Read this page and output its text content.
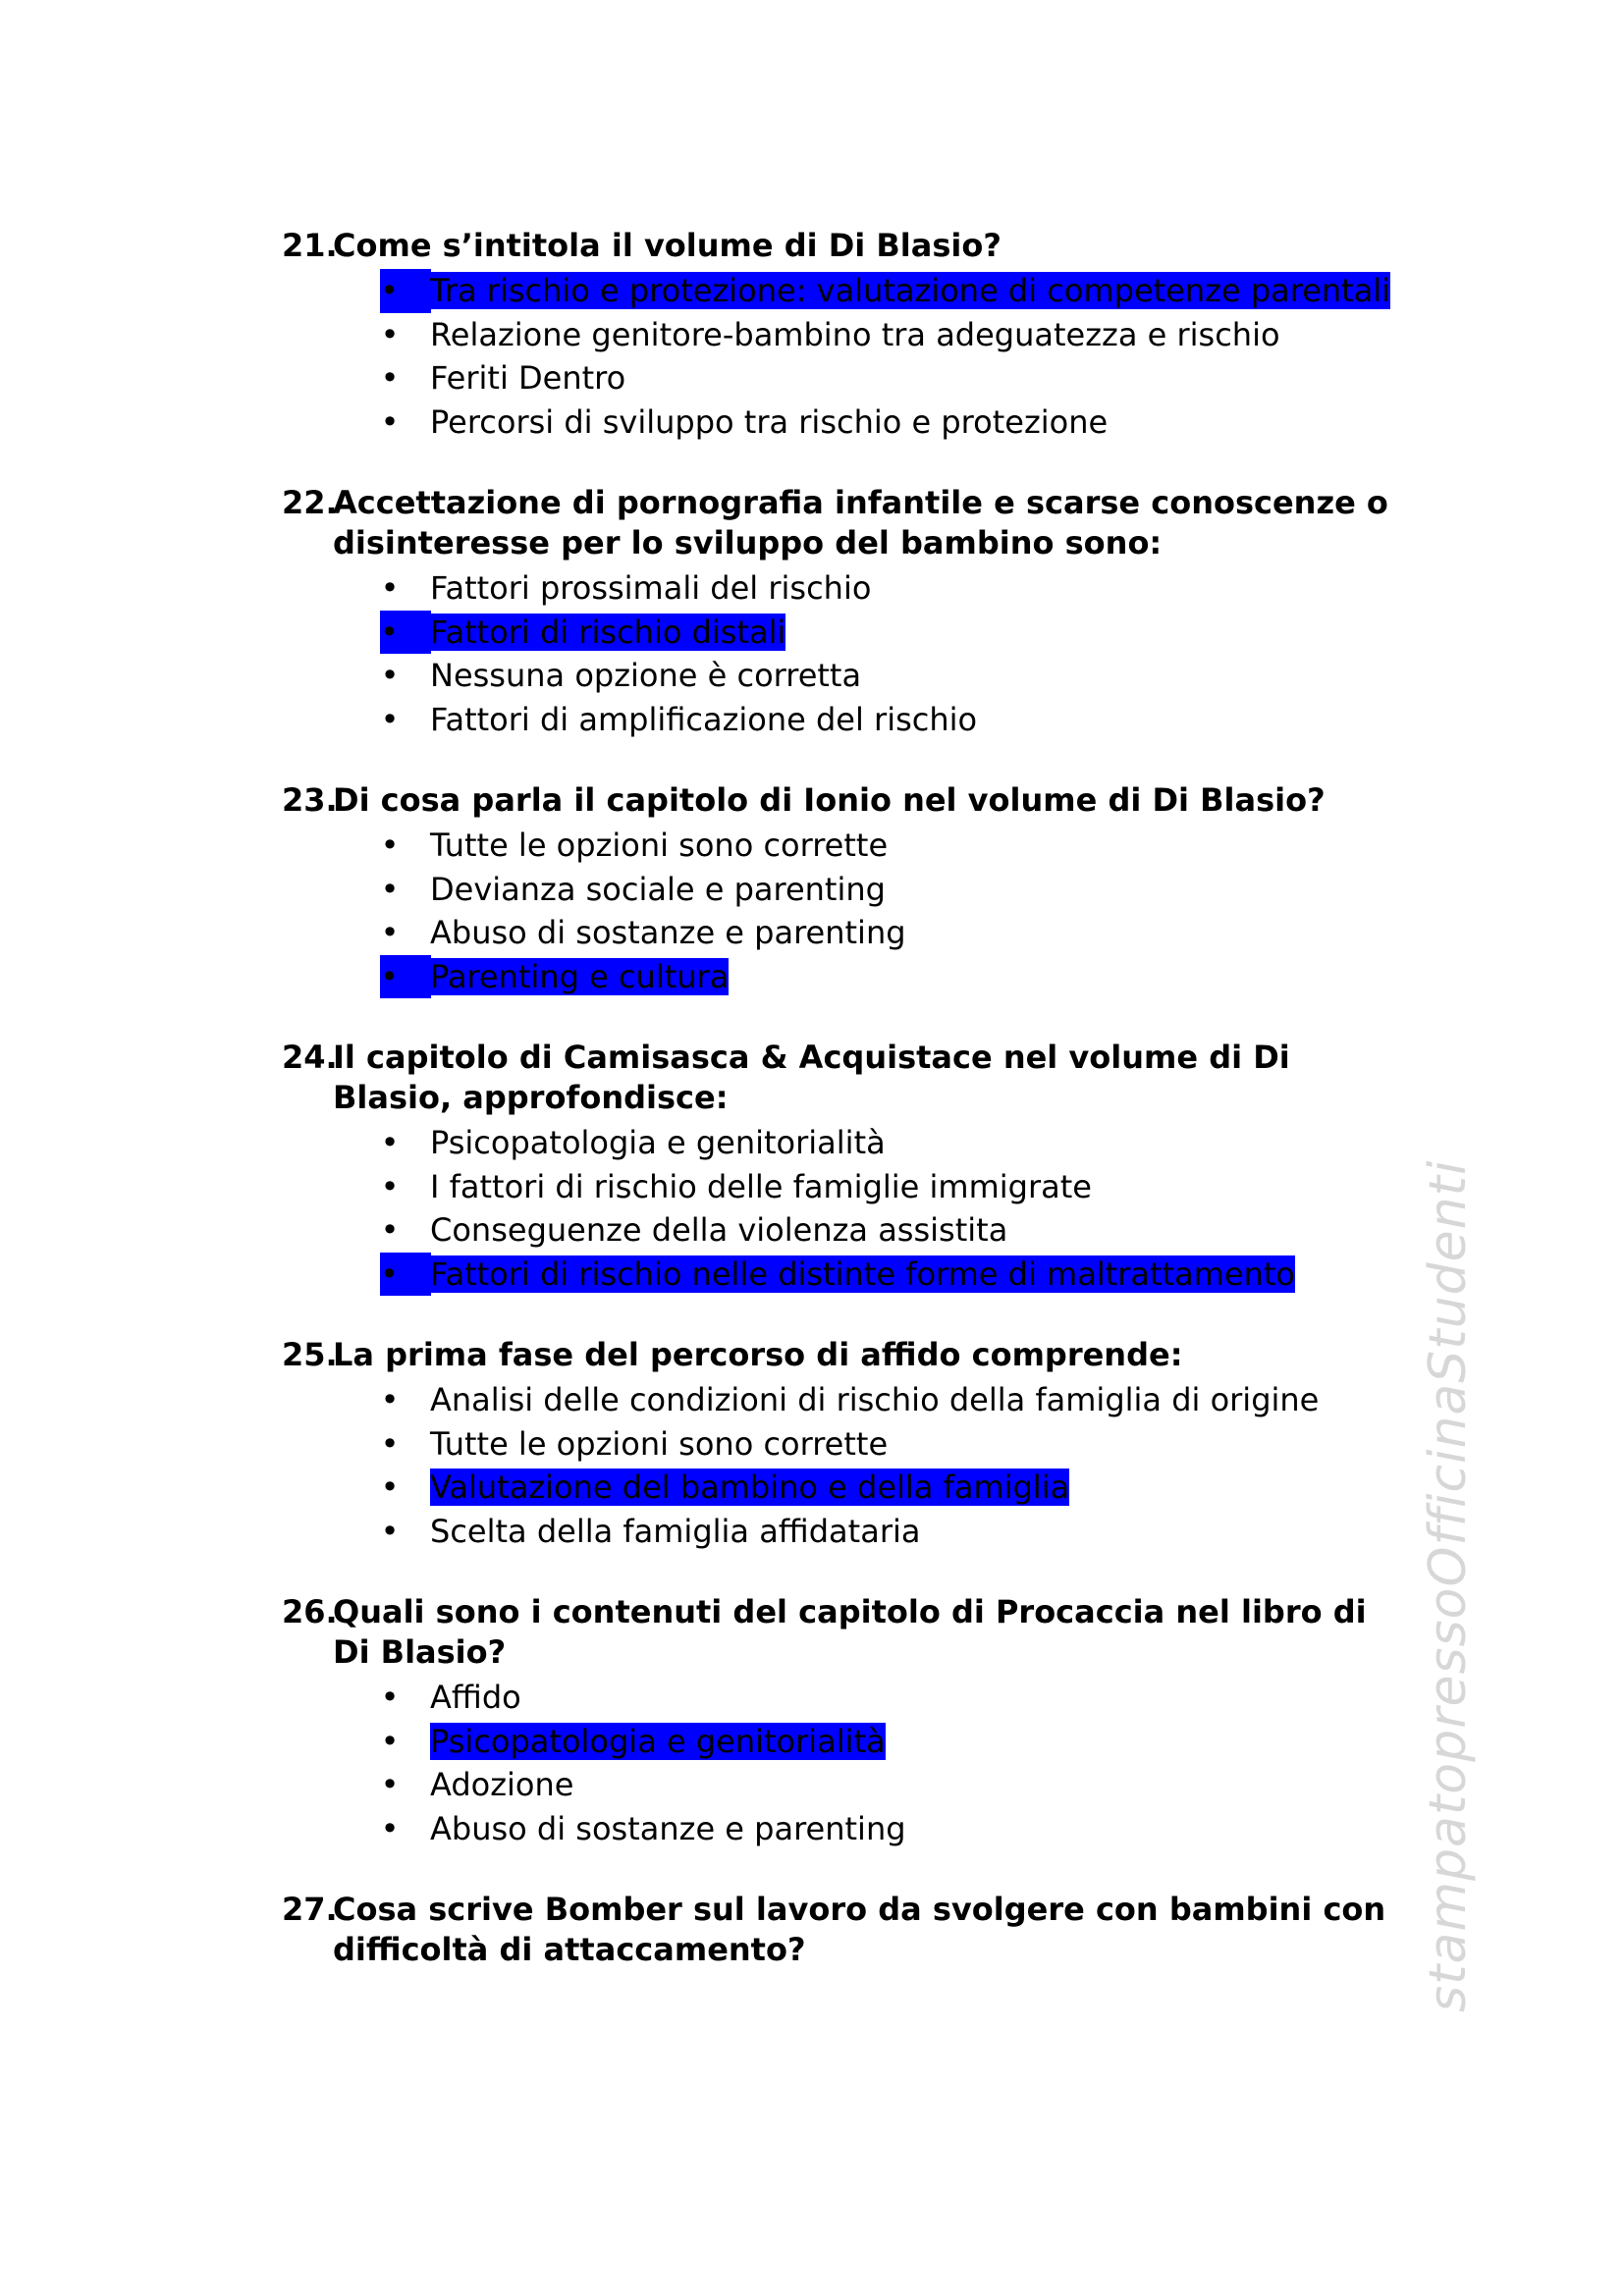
21.
Come s’intitola il volume di Di Blasio?
•	Tra rischio e protezione: valutazione di competenze parentali
• Relazione genitore-bambino tra adeguatezza e rischio
• Feriti Dentro
• Percorsi di sviluppo tra rischio e protezione
22.
Accettazione di pornografia infantile e scarse conoscenze o disinteresse per lo sviluppo del bambino sono:
• Fattori prossimali del rischio
•	Fattori di rischio distali
• Nessuna opzione è corretta
• Fattori di amplificazione del rischio
23.
Di cosa parla il capitolo di Ionio nel volume di Di Blasio?
• Tutte le opzioni sono corrette
• Devianza sociale e parenting
• Abuso di sostanze e parenting
•	Parenting e cultura
24.
Il capitolo di Camisasca & Acquistace nel volume di Di Blasio, approfondisce:
• Psicopatologia e genitorialità
• I fattori di rischio delle famiglie immigrate
• Conseguenze della violenza assistita
•	Fattori di rischio nelle distinte forme di maltrattamento
25.
La prima fase del percorso di affido comprende:
• Analisi delle condizioni di rischio della famiglia di origine
• Tutte le opzioni sono corrette
• Valutazione del bambino e della famiglia
• Scelta della famiglia affidataria
26.
Quali sono i contenuti del capitolo di Procaccia nel libro di Di Blasio?
• Affido
• Psicopatologia e genitorialità
• Adozione
• Abuso di sostanze e parenting
27.
Cosa scrive Bomber sul lavoro da svolgere con bambini con difficoltà di attaccamento?	stampatopressoOfficinaStudenti
